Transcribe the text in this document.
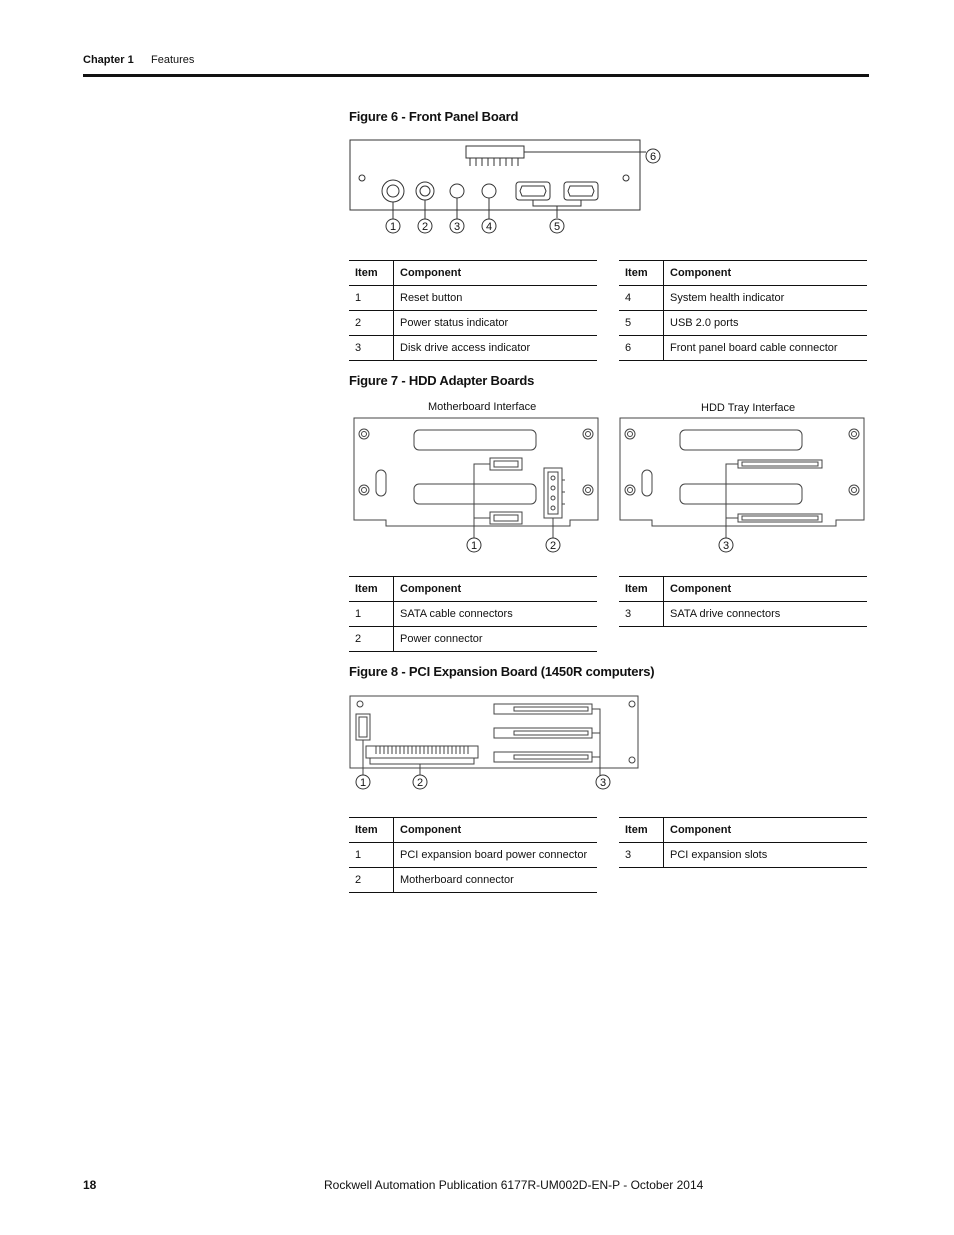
Chapter 1 Features
Figure 6 - Front Panel Board
1 2 3 4	5
6
Item	Component
1	Reset button
2	Power status indicator
3	Disk drive access indicator
Item	Component
4	System health indicator
5	USB 2.0 ports
6	Front panel board cable connector
Figure 7 - HDD Adapter Boards
Motherboard Interface	HDD Tray Interface
1	2	3
Item	Component
1	SATA cable connectors
2	Power connector
Item	Component
3	SATA drive connectors
Figure 8 - PCI Expansion Board (1450R computers)
1	2	3
Item	Component
1	PCI expansion board power connector
2	Motherboard connector
Item	Component
3	PCI expansion slots
18	Rockwell Automation Publication 6177R-UM002D-EN-P - October 2014
